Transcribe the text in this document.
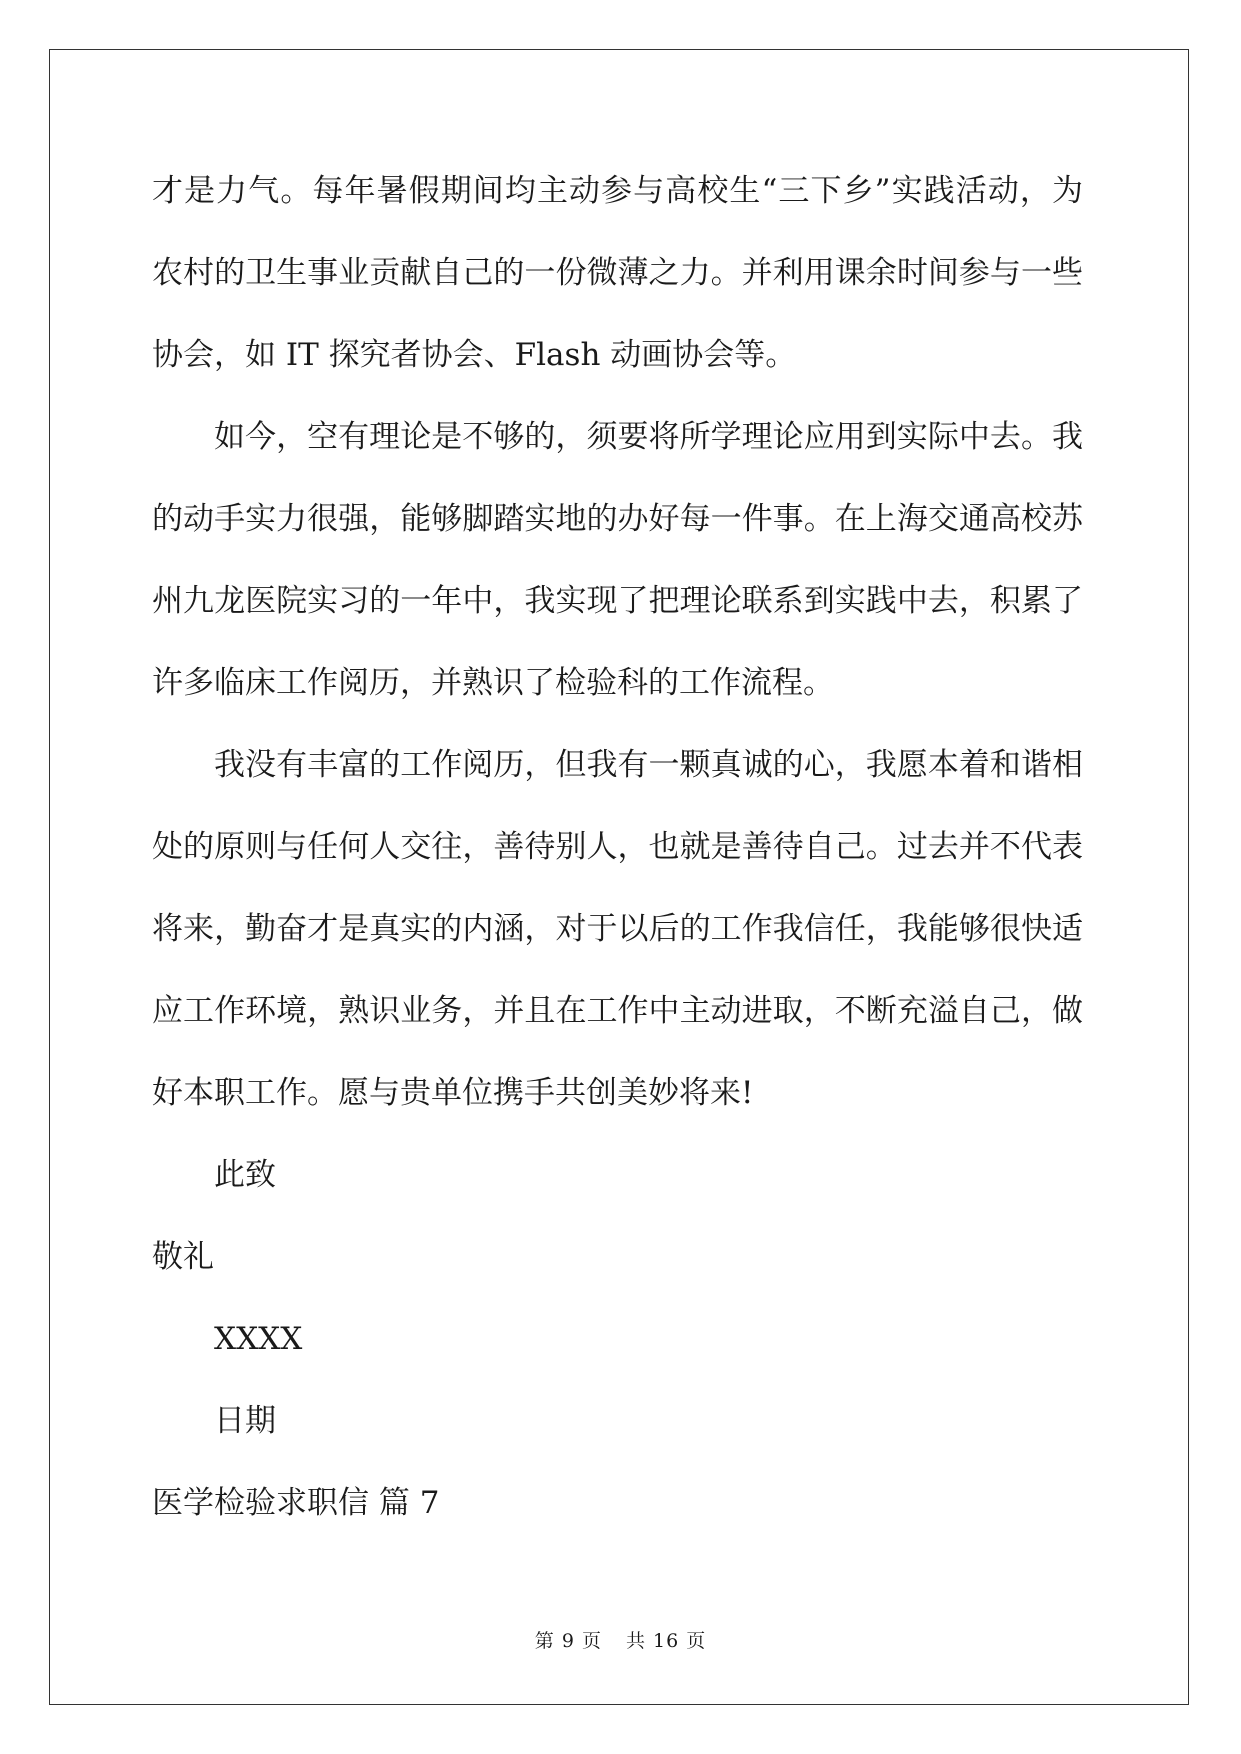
才是力气。每年暑假期间均主动参与高校生“三下乡”实践活动，为
农村的卫生事业贡献自己的一份微薄之力。并利用课余时间参与一些
协会，如 IT 探究者协会、Flash 动画协会等。
如今，空有理论是不够的，须要将所学理论应用到实际中去。我
的动手实力很强，能够脚踏实地的办好每一件事。在上海交通高校苏
州九龙医院实习的一年中，我实现了把理论联系到实践中去，积累了
许多临床工作阅历，并熟识了检验科的工作流程。
我没有丰富的工作阅历，但我有一颗真诚的心，我愿本着和谐相
处的原则与任何人交往，善待别人，也就是善待自己。过去并不代表
将来，勤奋才是真实的内涵，对于以后的工作我信任，我能够很快适
应工作环境，熟识业务，并且在工作中主动进取，不断充溢自己，做
好本职工作。愿与贵单位携手共创美妙将来!
此致
敬礼
XXXX
日期
医学检验求职信 篇 7
第 9 页 共 16 页
